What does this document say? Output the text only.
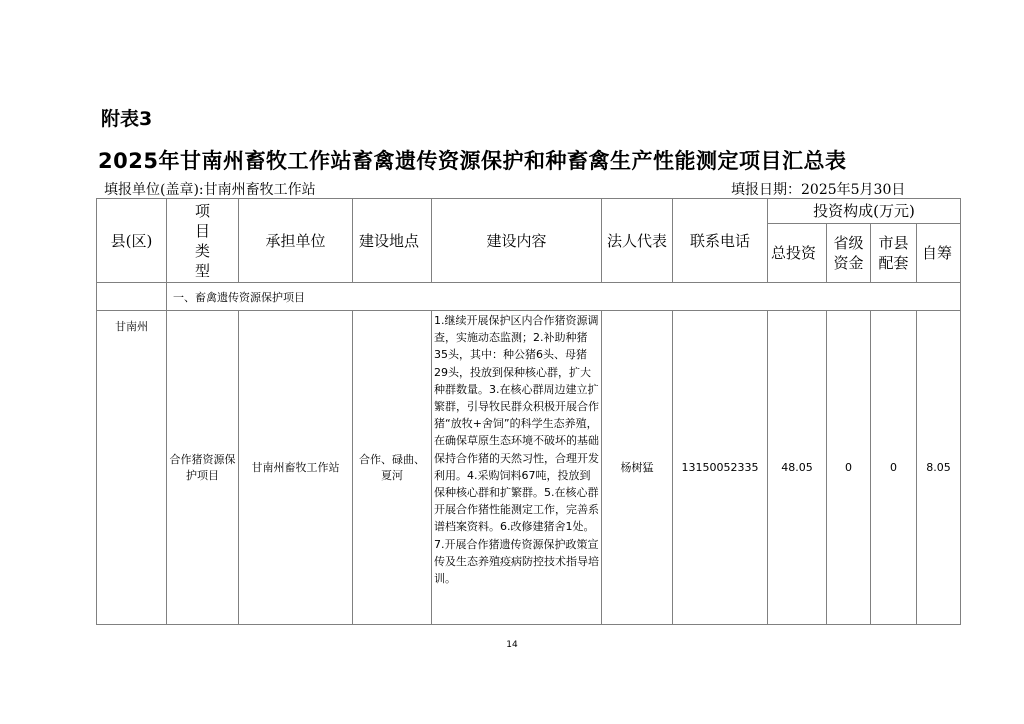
附表3
2025年甘南州畜牧工作站畜禽遗传资源保护和种畜禽生产性能测定项目汇总表
填报单位(盖章):甘南州畜牧工作站	填报日期：2025年5月30日
县(区)	项目类型	承担单位	建设地点	建设内容	法人代表	联系电话	投资构成(万元)			
							总投资	省级资金	市县配套	自筹
	一、畜禽遗传资源保护项目									
甘南州	合作猪资源保护项目	甘南州畜牧工作站	合作、碌曲、夏河	1.继续开展保护区内合作猪资源调查，实施动态监测；2.补助种猪35头，其中：种公猪6头、母猪29头，投放到保种核心群，扩大种群数量。3.在核心群周边建立扩繁群，引导牧民群众积极开展合作猪“放牧+舍饲”的科学生态养殖，在确保草原生态环境不破坏的基础保持合作猪的天然习性，合理开发利用。4.采购饲料67吨，投放到保种核心群和扩繁群。5.在核心群开展合作猪性能测定工作，完善系谱档案资料。6.改修建猪舍1处。7.开展合作猪遗传资源保护政策宣传及生态养殖疫病防控技术指导培训。	杨树猛	13150052335	48.05	0	0	8.05
14
